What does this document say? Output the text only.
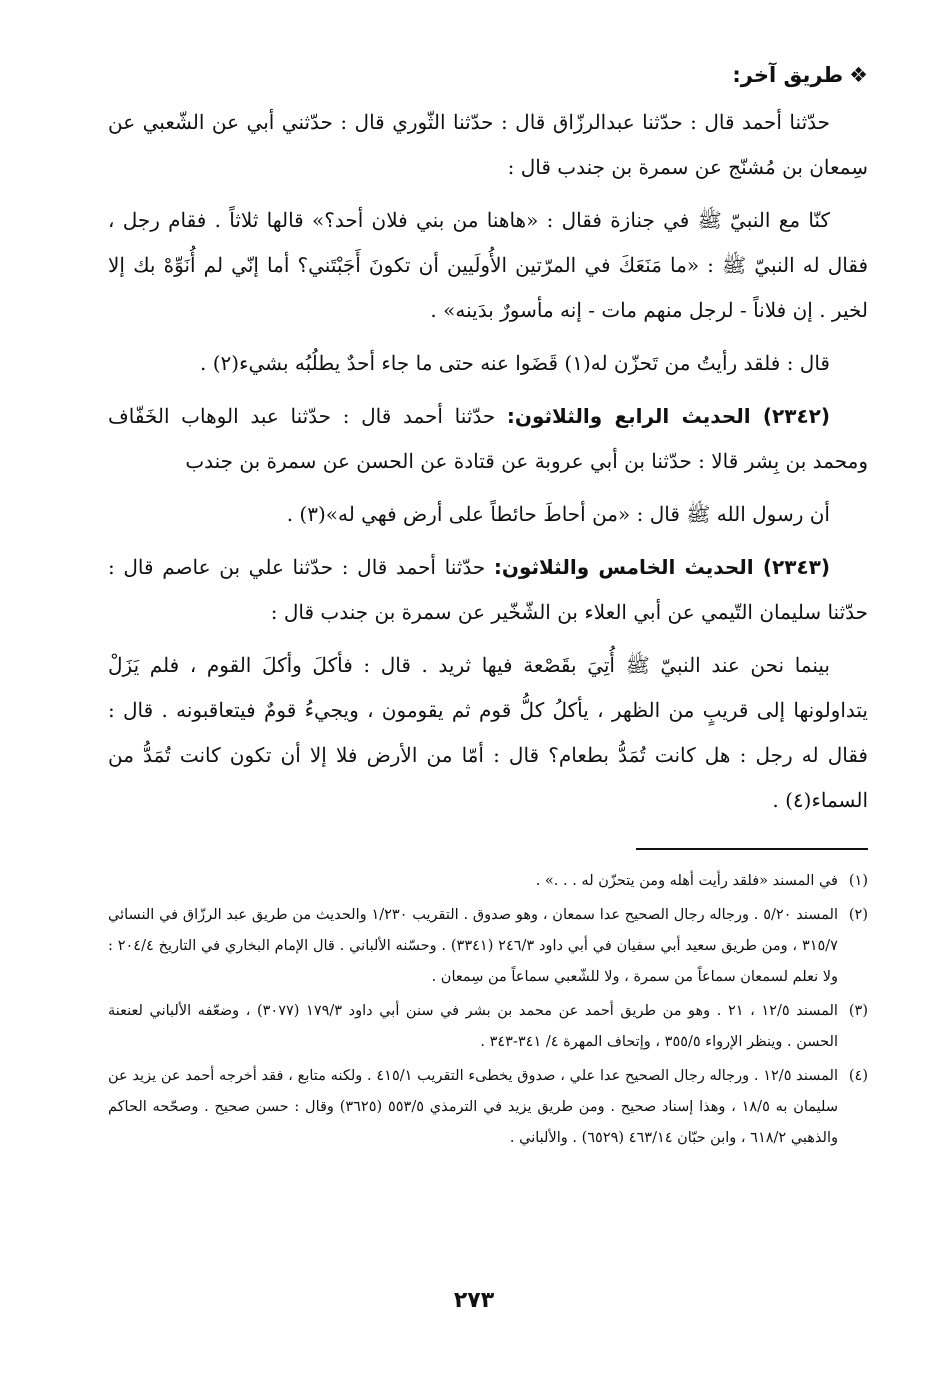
❖طريق آخر:

حدّثنا أحمد قال : حدّثنا عبدالرزّاق قال : حدّثنا الثّوري قال : حدّثني أبي عن الشّعبي عن سِمعان بن مُشنّج عن سمرة بن جندب قال :

كنّا مع النبيّ ﷺ في جنازة فقال : «هاهنا من بني فلان أحد؟» قالها ثلاثاً . فقام رجل ، فقال له النبيّ ﷺ : «ما مَنَعَكَ في المرّتين الأُولَيين أن تكونَ أَجَبْتَني؟ أما إنّي لم أُنَوِّهْ بك إلا لخير . إن فلاناً - لرجل منهم مات - إنه مأسورٌ بدَينه» .

قال : فلقد رأيتُ من تَحزّن له(١) قَضَوا عنه حتى ما جاء أحدٌ يطلُبُه بشيء(٢) .

(٢٣٤٢) الحديث الرابع والثلاثون: حدّثنا أحمد قال : حدّثنا عبد الوهاب الخَفّاف ومحمد بن بِشر قالا : حدّثنا بن أبي عروبة عن قتادة عن الحسن عن سمرة بن جندب

أن رسول الله ﷺ قال : «من أحاطَ حائطاً على أرض فهي له»(٣) .

(٢٣٤٣) الحديث الخامس والثلاثون: حدّثنا أحمد قال : حدّثنا علي بن عاصم قال : حدّثنا سليمان التّيمي عن أبي العلاء بن الشّخّير عن سمرة بن جندب قال :

بينما نحن عند النبيّ ﷺ أُتِيَ بقَصْعة فيها ثريد . قال : فأكلَ وأكلَ القوم ، فلم يَزَلْ يتداولونها إلى قريبٍ من الظهر ، يأكلُ كلُّ قوم ثم يقومون ، ويجيءُ قومٌ فيتعاقبونه . قال : فقال له رجل : هل كانت تُمَدُّ بطعام؟ قال : أمّا من الأرض فلا إلا أن تكون كانت تُمَدُّ من السماء(٤) .

(١)
في المسند «فلقد رأيت أهله ومن يتحزّن له . . .» .
(٢)
المسند ٥/٢٠ . ورجاله رجال الصحيح عدا سمعان ، وهو صدوق . التقريب ١/٢٣٠ والحديث من طريق عبد الرزّاق في النسائي ٣١٥/٧ ، ومن طريق سعيد أبي سفيان في أبي داود ٢٤٦/٣ (٣٣٤١) . وحسّنه الألباني . قال الإمام البخاري في التاريخ ٢٠٤/٤ : ولا نعلم لسمعان سماعاً من سمرة ، ولا للشّعبي سماعاً من سِمعان .
(٣)
المسند ١٢/٥ ، ٢١ . وهو من طريق أحمد عن محمد بن بشر في سنن أبي داود ١٧٩/٣ (٣٠٧٧) ، وضعّفه الألباني لعنعنة الحسن . وينظر الإرواء ٣٥٥/٥ ، وإتحاف المهرة ٤/ ٣٤١-٣٤٣ .
(٤)
المسند ١٢/٥ . ورجاله رجال الصحيح عدا علي ، صدوق يخطىء التقريب ٤١٥/١ . ولكنه متابع ، فقد أخرجه أحمد عن يزيد عن سليمان به ١٨/٥ ، وهذا إسناد صحيح . ومن طريق يزيد في الترمذي ٥٥٣/٥ (٣٦٢٥) وقال : حسن صحيح . وصحّحه الحاكم والذهبي ٦١٨/٢ ، وابن حبّان ٤٦٣/١٤ (٦٥٢٩) . والألباني .
٢٧٣
